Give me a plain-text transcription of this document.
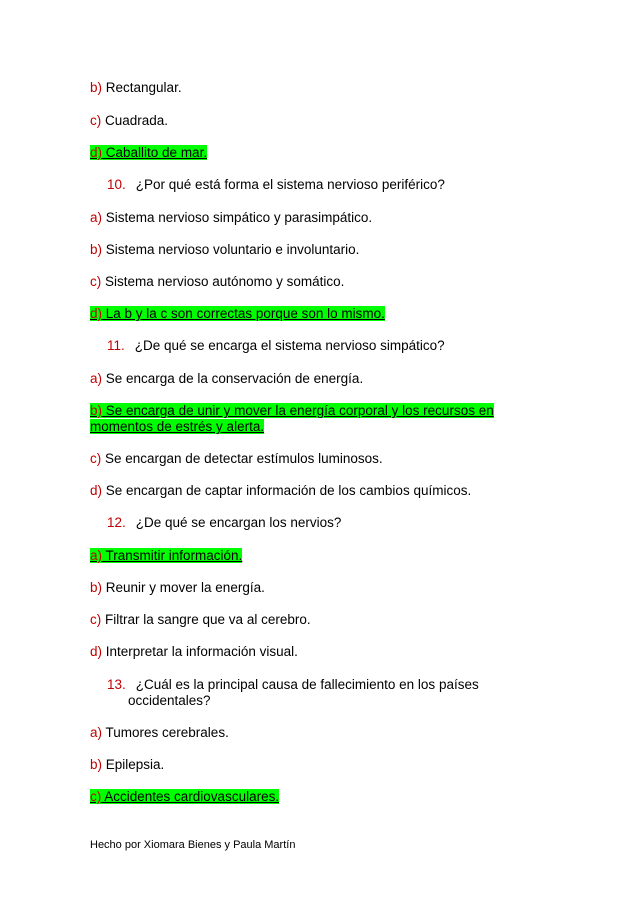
b) Rectangular.
c) Cuadrada.
d) Caballito de mar.
10. ¿Por qué está forma el sistema nervioso periférico?
a) Sistema nervioso simpático y parasimpático.
b) Sistema nervioso voluntario e involuntario.
c) Sistema nervioso autónomo y somático.
d) La b y la c son correctas porque son lo mismo.
11. ¿De qué se encarga el sistema nervioso simpático?
a) Se encarga de la conservación de energía.
b) Se encarga de unir y mover la energía corporal y los recursos en
momentos de estrés y alerta.
c) Se encargan de detectar estímulos luminosos.
d) Se encargan de captar información de los cambios químicos.
12. ¿De qué se encargan los nervios?
a) Transmitir información.
b) Reunir y mover la energía.
c) Filtrar la sangre que va al cerebro.
d) Interpretar la información visual.
13. ¿Cuál es la principal causa de fallecimiento en los países
occidentales?
a) Tumores cerebrales.
b) Epilepsia.
c) Accidentes cardiovasculares.
Hecho por Xiomara Bienes y Paula Martín
